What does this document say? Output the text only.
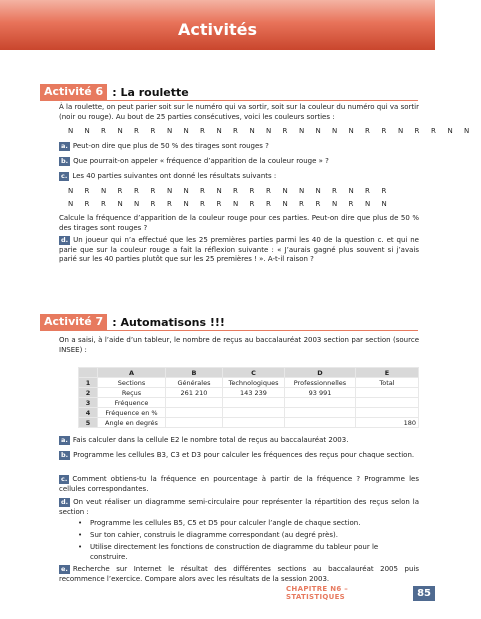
Activités
Activité 6 : La roulette

À la roulette, on peut parier soit sur le numéro qui va sortir, soit sur la couleur du numéro qui va sortir (noir ou rouge). Au bout de 25 parties consécutives, voici les couleurs sorties :

N	N	R	N	R	R	N	N	R	N	R	N	N	R	N	N	N	N	R	R	N	R	R	N	N

a. Peut-on dire que plus de 50 % des tirages sont rouges ?

b. Que pourrait-on appeler « fréquence d’apparition de la couleur rouge » ?

c. Les 40 parties suivantes ont donné les résultats suivants :

N	R	N	R	R	R	N	N	R	N	R	R	R	N	N	N	R	N	R	R
N	R	R	N	N	R	R	N	R	R	N	R	R	N	R	R	N	R	N	N

Calcule la fréquence d’apparition de la couleur rouge pour ces parties. Peut-on dire que plus de 50 % des tirages sont rouges ?

d. Un joueur qui n’a effectué que les 25 premières parties parmi les 40 de la question c. et qui ne parie que sur la couleur rouge a fait la réflexion suivante : « J’aurais gagné plus souvent si j’avais parié sur les 40 parties plutôt que sur les 25 premières ! ». A-t-il raison ?

Activité 7 : Automatisons !!!

On a saisi, à l’aide d’un tableur, le nombre de reçus au baccalauréat 2003 section par section (source INSEE) :

	A	B	C	D	E
1	Sections	Générales	Technologiques	Professionnelles	Total
2	Reçus	261 210	143 239	93 991	
3	Fréquence				
4	Fréquence en %				
5	Angle en degrés				180

a. Fais calculer dans la cellule E2 le nombre total de reçus au baccalauréat 2003.

b. Programme les cellules B3, C3 et D3 pour calculer les fréquences des reçus pour chaque section.

c. Comment obtiens-tu la fréquence en pourcentage à partir de la fréquence ? Programme les cellules correspondantes.

d. On veut réaliser un diagramme semi-circulaire pour représenter la répartition des reçus selon la section :

• Programme les cellules B5, C5 et D5 pour calculer l’angle de chaque section.

• Sur ton cahier, construis le diagramme correspondant (au degré près).

• Utilise directement les fonctions de construction de diagramme du tableur pour le construire.

e. Recherche sur Internet le résultat des différentes sections au baccalauréat 2005 puis recommence l’exercice. Compare alors avec les résultats de la session 2003.

CHAPITRE N6 – STATISTIQUES	85
